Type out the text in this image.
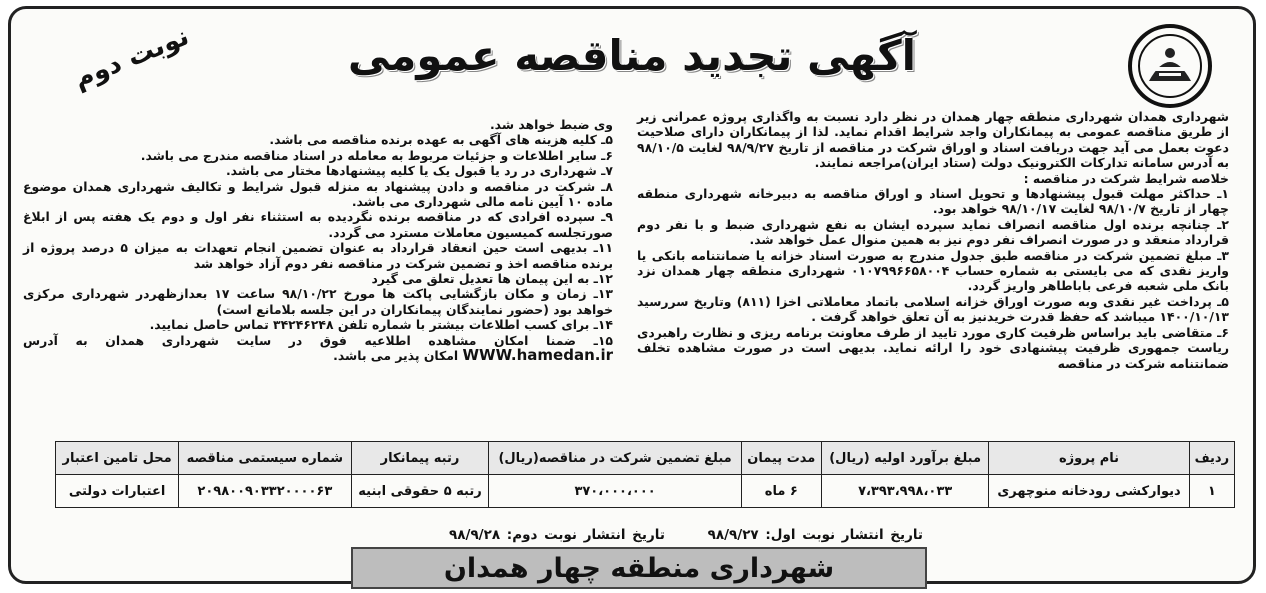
نوبت دوم	آگهی تجدید مناقصه عمومی

شهرداری همدان شهرداری منطقه چهار همدان در نظر دارد نسبت به واگذاری پروژه عمرانی زیر از طریق مناقصه عمومی به پیمانکاران واجد شرایط اقدام نماید. لذا از پیمانکاران دارای صلاحیت دعوت بعمل می آید جهت دریافت اسناد و اوراق شرکت در مناقصه از تاریخ ۹۸/۹/۲۷ لغایت ۹۸/۱۰/۵ به آدرس سامانه تدارکات الکترونیک دولت (ستاد ایران)مراجعه نمایند.

خلاصه شرایط شرکت در مناقصه :

۱ـ حداکثر مهلت قبول پیشنهادها و تحویل اسناد و اوراق مناقصه به دبیرخانه شهرداری منطقه چهار از تاریخ ۹۸/۱۰/۷ لغایت ۹۸/۱۰/۱۷ خواهد بود.

۲ـ چنانچه برنده اول مناقصه انصراف نماید سپرده ایشان به نفع شهرداری ضبط و با نفر دوم قرارداد منعقد و در صورت انصراف نفر دوم نیز به همین منوال عمل خواهد شد.

۳ـ مبلغ تضمین شرکت در مناقصه طبق جدول مندرج به صورت اسناد خزانه یا ضمانتنامه بانکی یا واریز نقدی که می بایستی به شماره حساب ۰۱۰۷۹۹۶۶۵۸۰۰۴ شهرداری منطقه چهار همدان نزد بانک ملی شعبه فرعی باباطاهر واریز گردد.

۵ـ پرداخت غیر نقدی وبه صورت اوراق خزانه اسلامی باتماد معاملاتی اخزا (۸۱۱) وتاریخ سررسید ۱۴۰۰/۱۰/۱۳ میباشد که حفظ قدرت خریدنیز به آن تعلق خواهد گرفت .

۶ـ متقاضی باید براساس ظرفیت کاری مورد تایید از طرف معاونت برنامه ریزی و نظارت راهبردی ریاست جمهوری ظرفیت پیشنهادی خود را ارائه نماید. بدیهی است در صورت مشاهده تخلف ضمانتنامه شرکت در مناقصه

وی ضبط خواهد شد.

۵ـ کلیه هزینه های آگهی به عهده برنده مناقصه می باشد.

۶ـ سایر اطلاعات و جزئیات مربوط به معامله در اسناد مناقصه مندرج می باشد.

۷ـ شهرداری در رد یا قبول یک یا کلیه پیشنهادها مختار می باشد.

۸ـ شرکت در مناقصه و دادن پیشنهاد به منزله قبول شرایط و تکالیف شهرداری همدان موضوع ماده ۱۰ آیین نامه مالی شهرداری می باشد.

۹ـ سپرده افرادی که در مناقصه برنده نگردیده به استثناء نفر اول و دوم یک هفته پس از ابلاغ صورتجلسه کمیسیون معاملات مسترد می گردد.

۱۱ـ بدیهی است حین انعقاد قرارداد به عنوان تضمین انجام تعهدات به میزان ۵ درصد پروژه از برنده مناقصه اخذ و تضمین شرکت در مناقصه نفر دوم آزاد خواهد شد

۱۲ـ به این پیمان ها تعدیل تعلق می گیرد

۱۳ـ زمان و مکان بازگشایی پاکت ها مورخ ۹۸/۱۰/۲۲ ساعت ۱۷ بعدازظهردر شهرداری مرکزی خواهد بود (حضور نمایندگان پیمانکاران در این جلسه بلامانع است)

۱۴ـ برای کسب اطلاعات بیشتر با شماره تلفن ۳۴۲۴۶۲۴۸ تماس حاصل نمایید.

۱۵ـ ضمنا امکان مشاهده اطلاعیه فوق در سایت شهرداری همدان به آدرس WWW.hamedan.ir امکان پذیر می باشد.

ردیف	نام پروژه	مبلغ برآورد اولیه (ریال)	مدت پیمان	مبلغ تضمین شرکت در مناقصه(ریال)	رتبه پیمانکار	شماره سیستمی مناقصه	محل تامین اعتبار
۱	دیوارکشی رودخانه منوچهری	۷،۳۹۳،۹۹۸،۰۳۳	۶ ماه	۳۷۰،۰۰۰،۰۰۰	رتبه ۵ حقوقی ابنیه	۲۰۹۸۰۰۹۰۳۳۲۰۰۰۰۶۳	اعتبارات دولتی
تاریخ انتشار نوبت اول: ۹۸/۹/۲۷ تاریخ انتشار نوبت دوم: ۹۸/۹/۲۸
شهرداری منطقه چهار همدان
